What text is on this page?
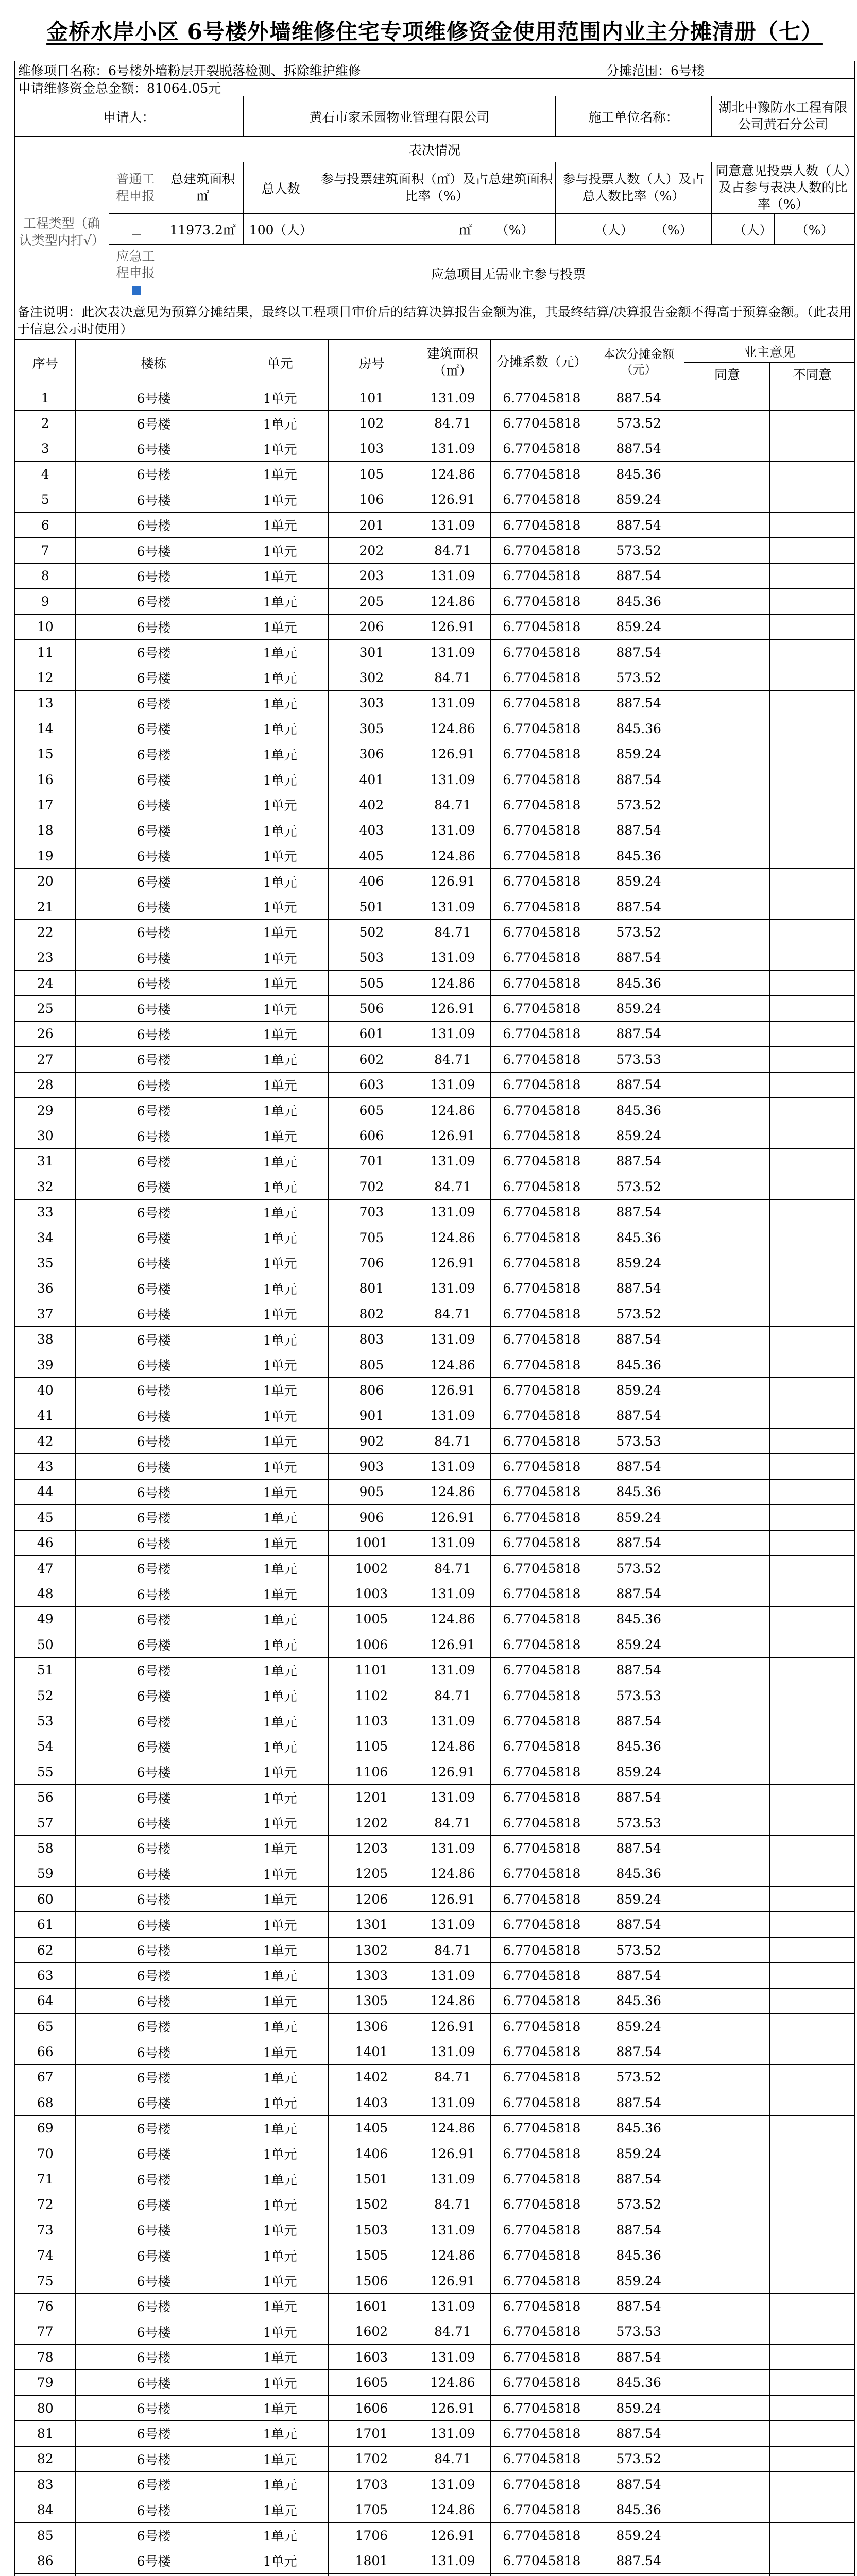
金桥水岸小区 6号楼外墙维修住宅专项维修资金使用范围内业主分摊清册（七）
维修项目名称： 6号楼外墙粉层开裂脱落检测、拆除维护维修	分摊范围：6号楼
申请维修资金总金额： 81064.05元
申请人：			黄石市家禾园物业管理有限公司			施工单位名称：		湖北中豫防水工程有限公司黄石分公司	
表决情况									
工程类型（确认类型内打√）	普通工程申报	总建筑面积㎡	总人数	参与投票建筑面积（㎡）及占总建筑面积比率（%）		参与投票人数（人）及占总人数比率（%）		同意意见投票人数（人）及占参与表决人数的比率（%）	
		11973.2㎡	100（人）	㎡	（%）	（人）	（%）	（人）	（%）
	应急工程申报	应急项目无需业主参与投票							
备注说明：此次表决意见为预算分摊结果，最终以工程项目审价后的结算决算报告金额为准，其最终结算/决算报告金额不得高于预算金额。（此表用于信息公示时使用）									
序号	楼栋	单元	房号	建筑面积（㎡）	分摊系数（元）	本次分摊金额（元）	业主意见	
							同意	不同意
1	6号楼	1单元	101	131.09	6.77045818	887.54		
2	6号楼	1单元	102	84.71	6.77045818	573.52		
3	6号楼	1单元	103	131.09	6.77045818	887.54		
4	6号楼	1单元	105	124.86	6.77045818	845.36		
5	6号楼	1单元	106	126.91	6.77045818	859.24		
6	6号楼	1单元	201	131.09	6.77045818	887.54		
7	6号楼	1单元	202	84.71	6.77045818	573.52		
8	6号楼	1单元	203	131.09	6.77045818	887.54		
9	6号楼	1单元	205	124.86	6.77045818	845.36		
10	6号楼	1单元	206	126.91	6.77045818	859.24		
11	6号楼	1单元	301	131.09	6.77045818	887.54		
12	6号楼	1单元	302	84.71	6.77045818	573.52		
13	6号楼	1单元	303	131.09	6.77045818	887.54		
14	6号楼	1单元	305	124.86	6.77045818	845.36		
15	6号楼	1单元	306	126.91	6.77045818	859.24		
16	6号楼	1单元	401	131.09	6.77045818	887.54		
17	6号楼	1单元	402	84.71	6.77045818	573.52		
18	6号楼	1单元	403	131.09	6.77045818	887.54		
19	6号楼	1单元	405	124.86	6.77045818	845.36		
20	6号楼	1单元	406	126.91	6.77045818	859.24		
21	6号楼	1单元	501	131.09	6.77045818	887.54		
22	6号楼	1单元	502	84.71	6.77045818	573.52		
23	6号楼	1单元	503	131.09	6.77045818	887.54		
24	6号楼	1单元	505	124.86	6.77045818	845.36		
25	6号楼	1单元	506	126.91	6.77045818	859.24		
26	6号楼	1单元	601	131.09	6.77045818	887.54		
27	6号楼	1单元	602	84.71	6.77045818	573.53		
28	6号楼	1单元	603	131.09	6.77045818	887.54		
29	6号楼	1单元	605	124.86	6.77045818	845.36		
30	6号楼	1单元	606	126.91	6.77045818	859.24		
31	6号楼	1单元	701	131.09	6.77045818	887.54		
32	6号楼	1单元	702	84.71	6.77045818	573.52		
33	6号楼	1单元	703	131.09	6.77045818	887.54		
34	6号楼	1单元	705	124.86	6.77045818	845.36		
35	6号楼	1单元	706	126.91	6.77045818	859.24		
36	6号楼	1单元	801	131.09	6.77045818	887.54		
37	6号楼	1单元	802	84.71	6.77045818	573.52		
38	6号楼	1单元	803	131.09	6.77045818	887.54		
39	6号楼	1单元	805	124.86	6.77045818	845.36		
40	6号楼	1单元	806	126.91	6.77045818	859.24		
41	6号楼	1单元	901	131.09	6.77045818	887.54		
42	6号楼	1单元	902	84.71	6.77045818	573.53		
43	6号楼	1单元	903	131.09	6.77045818	887.54		
44	6号楼	1单元	905	124.86	6.77045818	845.36		
45	6号楼	1单元	906	126.91	6.77045818	859.24		
46	6号楼	1单元	1001	131.09	6.77045818	887.54		
47	6号楼	1单元	1002	84.71	6.77045818	573.52		
48	6号楼	1单元	1003	131.09	6.77045818	887.54		
49	6号楼	1单元	1005	124.86	6.77045818	845.36		
50	6号楼	1单元	1006	126.91	6.77045818	859.24		
51	6号楼	1单元	1101	131.09	6.77045818	887.54		
52	6号楼	1单元	1102	84.71	6.77045818	573.53		
53	6号楼	1单元	1103	131.09	6.77045818	887.54		
54	6号楼	1单元	1105	124.86	6.77045818	845.36		
55	6号楼	1单元	1106	126.91	6.77045818	859.24		
56	6号楼	1单元	1201	131.09	6.77045818	887.54		
57	6号楼	1单元	1202	84.71	6.77045818	573.53		
58	6号楼	1单元	1203	131.09	6.77045818	887.54		
59	6号楼	1单元	1205	124.86	6.77045818	845.36		
60	6号楼	1单元	1206	126.91	6.77045818	859.24		
61	6号楼	1单元	1301	131.09	6.77045818	887.54		
62	6号楼	1单元	1302	84.71	6.77045818	573.52		
63	6号楼	1单元	1303	131.09	6.77045818	887.54		
64	6号楼	1单元	1305	124.86	6.77045818	845.36		
65	6号楼	1单元	1306	126.91	6.77045818	859.24		
66	6号楼	1单元	1401	131.09	6.77045818	887.54		
67	6号楼	1单元	1402	84.71	6.77045818	573.52		
68	6号楼	1单元	1403	131.09	6.77045818	887.54		
69	6号楼	1单元	1405	124.86	6.77045818	845.36		
70	6号楼	1单元	1406	126.91	6.77045818	859.24		
71	6号楼	1单元	1501	131.09	6.77045818	887.54		
72	6号楼	1单元	1502	84.71	6.77045818	573.52		
73	6号楼	1单元	1503	131.09	6.77045818	887.54		
74	6号楼	1单元	1505	124.86	6.77045818	845.36		
75	6号楼	1单元	1506	126.91	6.77045818	859.24		
76	6号楼	1单元	1601	131.09	6.77045818	887.54		
77	6号楼	1单元	1602	84.71	6.77045818	573.53		
78	6号楼	1单元	1603	131.09	6.77045818	887.54		
79	6号楼	1单元	1605	124.86	6.77045818	845.36		
80	6号楼	1单元	1606	126.91	6.77045818	859.24		
81	6号楼	1单元	1701	131.09	6.77045818	887.54		
82	6号楼	1单元	1702	84.71	6.77045818	573.52		
83	6号楼	1单元	1703	131.09	6.77045818	887.54		
84	6号楼	1单元	1705	124.86	6.77045818	845.36		
85	6号楼	1单元	1706	126.91	6.77045818	859.24		
86	6号楼	1单元	1801	131.09	6.77045818	887.54		
